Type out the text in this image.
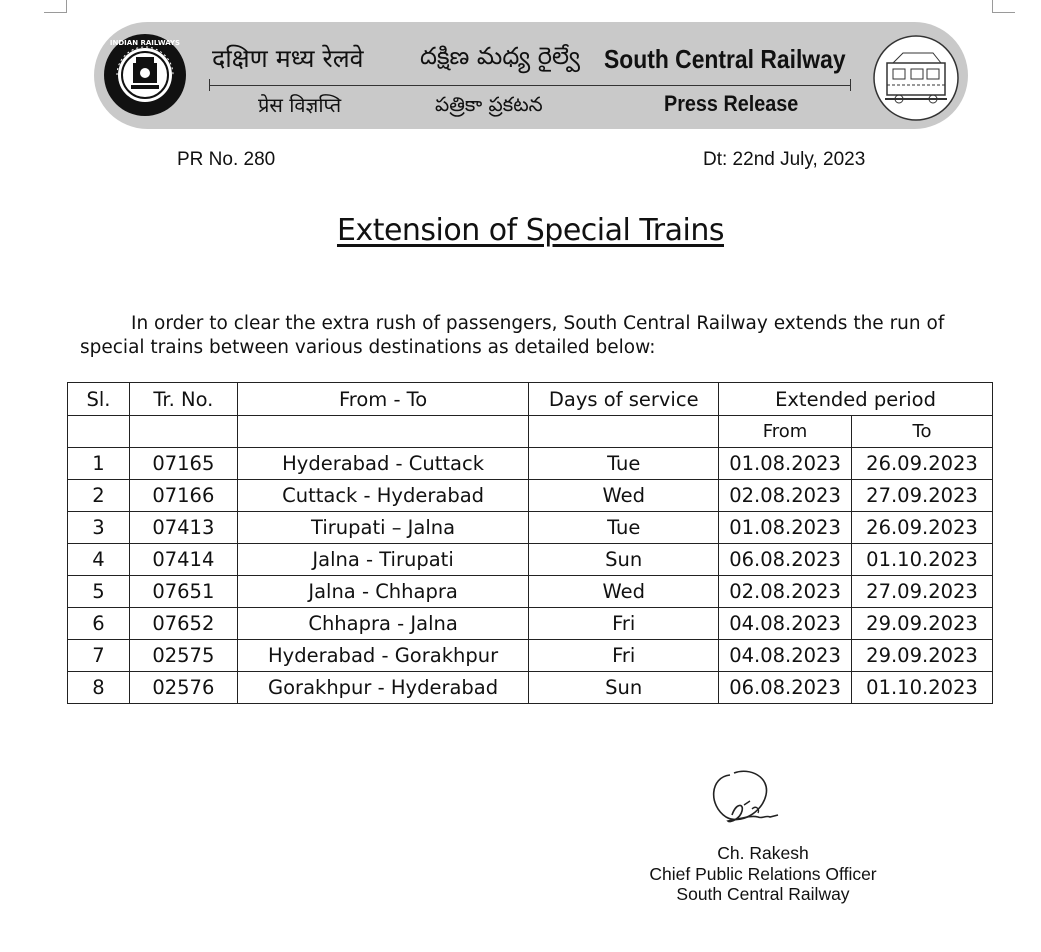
INDIAN RAILWAYS
दक्षिण मध्य रेलवे దక్షిణ మధ్య రైల్వే South Central Railway
प्रेस विज्ञप्ति	పత్రికా ప్రకటన	Press Release
PR No. 280	Dt: 22nd July, 2023
Extension of Special Trains
In order to clear the extra rush of passengers, South Central Railway extends the run of special trains between various destinations as detailed below:
Sl.	Tr. No.	From - To	Days of service	Extended period	
				From	To
1	07165	Hyderabad - Cuttack	Tue	01.08.2023	26.09.2023
2	07166	Cuttack - Hyderabad	Wed	02.08.2023	27.09.2023
3	07413	Tirupati – Jalna	Tue	01.08.2023	26.09.2023
4	07414	Jalna - Tirupati	Sun	06.08.2023	01.10.2023
5	07651	Jalna - Chhapra	Wed	02.08.2023	27.09.2023
6	07652	Chhapra - Jalna	Fri	04.08.2023	29.09.2023
7	02575	Hyderabad - Gorakhpur	Fri	04.08.2023	29.09.2023
8	02576	Gorakhpur - Hyderabad	Sun	06.08.2023	01.10.2023
Ch. Rakesh
Chief Public Relations Officer
South Central Railway
